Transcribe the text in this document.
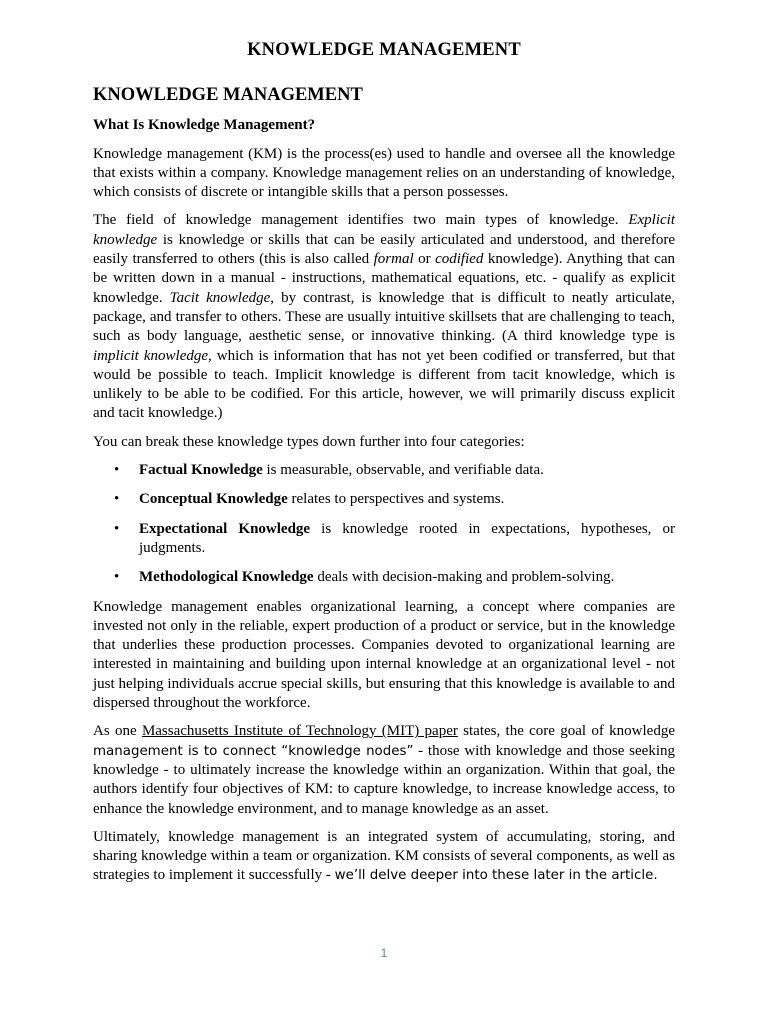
KNOWLEDGE MANAGEMENT
KNOWLEDGE MANAGEMENT
What Is Knowledge Management?

Knowledge management (KM) is the process(es) used to handle and oversee all the knowledge that exists within a company. Knowledge management relies on an understanding of knowledge, which consists of discrete or intangible skills that a person possesses.

The field of knowledge management identifies two main types of knowledge. Explicit knowledge is knowledge or skills that can be easily articulated and understood, and therefore easily transferred to others (this is also called formal or codified knowledge). Anything that can be written down in a manual - instructions, mathematical equations, etc. - qualify as explicit knowledge. Tacit knowledge, by contrast, is knowledge that is difficult to neatly articulate, package, and transfer to others. These are usually intuitive skillsets that are challenging to teach, such as body language, aesthetic sense, or innovative thinking. (A third knowledge type is implicit knowledge, which is information that has not yet been codified or transferred, but that would be possible to teach. Implicit knowledge is different from tacit knowledge, which is unlikely to be able to be codified. For this article, however, we will primarily discuss explicit and tacit knowledge.)

You can break these knowledge types down further into four categories:

• Factual Knowledge is measurable, observable, and verifiable data.
• Conceptual Knowledge relates to perspectives and systems.
• Expectational Knowledge is knowledge rooted in expectations, hypotheses, or judgments.
• Methodological Knowledge deals with decision-making and problem-solving.

Knowledge management enables organizational learning, a concept where companies are invested not only in the reliable, expert production of a product or service, but in the knowledge that underlies these production processes. Companies devoted to organizational learning are interested in maintaining and building upon internal knowledge at an organizational level - not just helping individuals accrue special skills, but ensuring that this knowledge is available to and dispersed throughout the workforce.

As one Massachusetts Institute of Technology (MIT) paper states, the core goal of knowledge management is to connect “knowledge nodes” - those with knowledge and those seeking knowledge - to ultimately increase the knowledge within an organization. Within that goal, the authors identify four objectives of KM: to capture knowledge, to increase knowledge access, to enhance the knowledge environment, and to manage knowledge as an asset.

Ultimately, knowledge management is an integrated system of accumulating, storing, and sharing knowledge within a team or organization. KM consists of several components, as well as strategies to implement it successfully - we’ll delve deeper into these later in the article.

1
